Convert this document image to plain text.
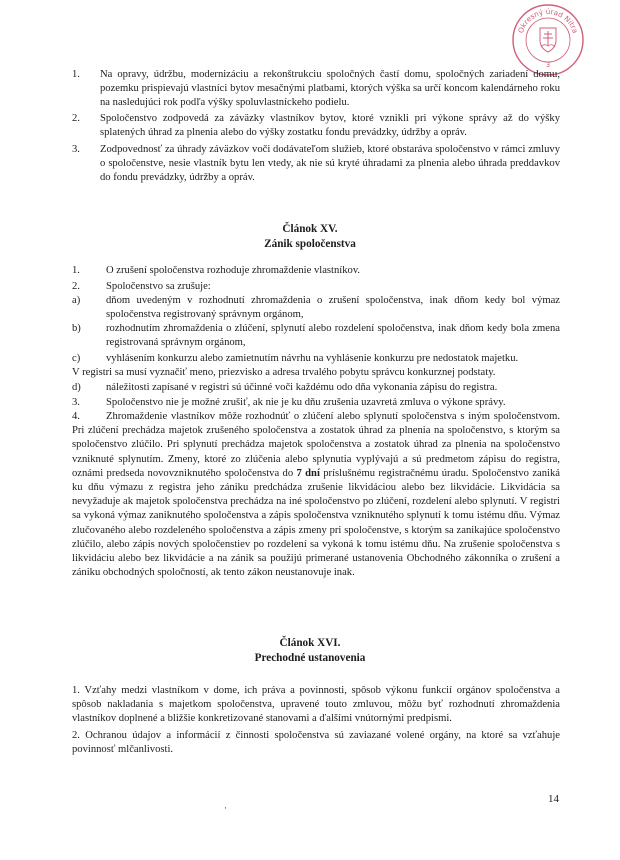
Okresný úrad Nitra
3
1. Na opravy, údržbu, modernizáciu a rekonštrukciu spoločných častí domu, spoločných zariadení domu, pozemku prispievajú vlastníci bytov mesačnými platbami, ktorých výška sa určí koncom kalendárneho roku na nasledujúci rok podľa výšky spoluvlastníckeho podielu.
2. Spoločenstvo zodpovedá za záväzky vlastníkov bytov, ktoré vznikli pri výkone správy až do výšky splatených úhrad za plnenia alebo do výšky zostatku fondu prevádzky, údržby a opráv.
3. Zodpovednosť za úhrady záväzkov voči dodávateľom služieb, ktoré obstaráva spoločenstvo v rámci zmluvy o spoločenstve, nesie vlastník bytu len vtedy, ak nie sú kryté úhradami za plnenia alebo úhrada preddavkov do fondu prevádzky, údržby a opráv.
Článok XV.
Zánik spoločenstva
1. O zrušení spoločenstva rozhoduje zhromaždenie vlastníkov.
2. Spoločenstvo sa zrušuje:
a) dňom uvedeným v rozhodnutí zhromaždenia o zrušení spoločenstva, inak dňom kedy bol výmaz spoločenstva registrovaný správnym orgánom,
b) rozhodnutím zhromaždenia o zlúčení, splynutí alebo rozdelení spoločenstva, inak dňom kedy bola zmena registrovaná správnym orgánom,
c) vyhlásením konkurzu alebo zamietnutím návrhu na vyhlásenie konkurzu pre nedostatok majetku.
V registri sa musí vyznačiť meno, priezvisko a adresa trvalého pobytu správcu konkurznej podstaty.
d) náležitosti zapísané v registri sú účinné voči každému odo dňa vykonania zápisu do registra.
3. Spoločenstvo nie je možné zrušiť, ak nie je ku dňu zrušenia uzavretá zmluva o výkone správy.
4. Zhromaždenie vlastníkov môže rozhodnúť o zlúčení alebo splynutí spoločenstva s iným spoločenstvom. Pri zlúčení prechádza majetok zrušeného spoločenstva a zostatok úhrad za plnenia na spoločenstvo, s ktorým sa spoločenstvo zlúčilo. Pri splynutí prechádza majetok spoločenstva a zostatok úhrad za plnenia na spoločenstvo vzniknuté splynutím. Zmeny, ktoré zo zlúčenia alebo splynutia vyplývajú a sú predmetom zápisu do registra, oznámi predseda novovzniknutého spoločenstva do 7 dní príslušnému registračnému úradu. Spoločenstvo zaniká ku dňu výmazu z registra jeho zániku predchádza zrušenie likvidáciou alebo bez likvidácie. Likvidácia sa nevyžaduje ak majetok spoločenstva prechádza na iné spoločenstvo po zlúčení, rozdelení alebo splynutí. V registri sa vykoná výmaz zaniknutého spoločenstva a zápis spoločenstva vzniknutého splynutí k tomu istému dňu. Výmaz zlučovaného alebo rozdeleného spoločenstva a zápis zmeny pri spoločenstve, s ktorým sa zanikajúce spoločenstvo zlúčilo, alebo zápis nových spoločenstiev po rozdelení sa vykoná k tomu istému dňu. Na zrušenie spoločenstva s likvidáciu alebo bez likvidácie a na zánik sa použijú primerané ustanovenia Obchodného zákonníka o zrušení a zániku obchodných spoločností, ak tento zákon neustanovuje inak.
Článok XVI.
Prechodné ustanovenia
1. Vzťahy medzi vlastníkom v dome, ich práva a povinnosti, spôsob výkonu funkcií orgánov spoločenstva a spôsob nakladania s majetkom spoločenstva, upravené touto zmluvou, môžu byť rozhodnutí zhromaždenia vlastníkov doplnené a bližšie konkretizované stanovami a ďalšími vnútornými predpismi.
2. Ochranou údajov a informácií z činnosti spoločenstva sú zaviazané volené orgány, na ktoré sa vzťahuje povinnosť mlčanlivosti.
·
14
